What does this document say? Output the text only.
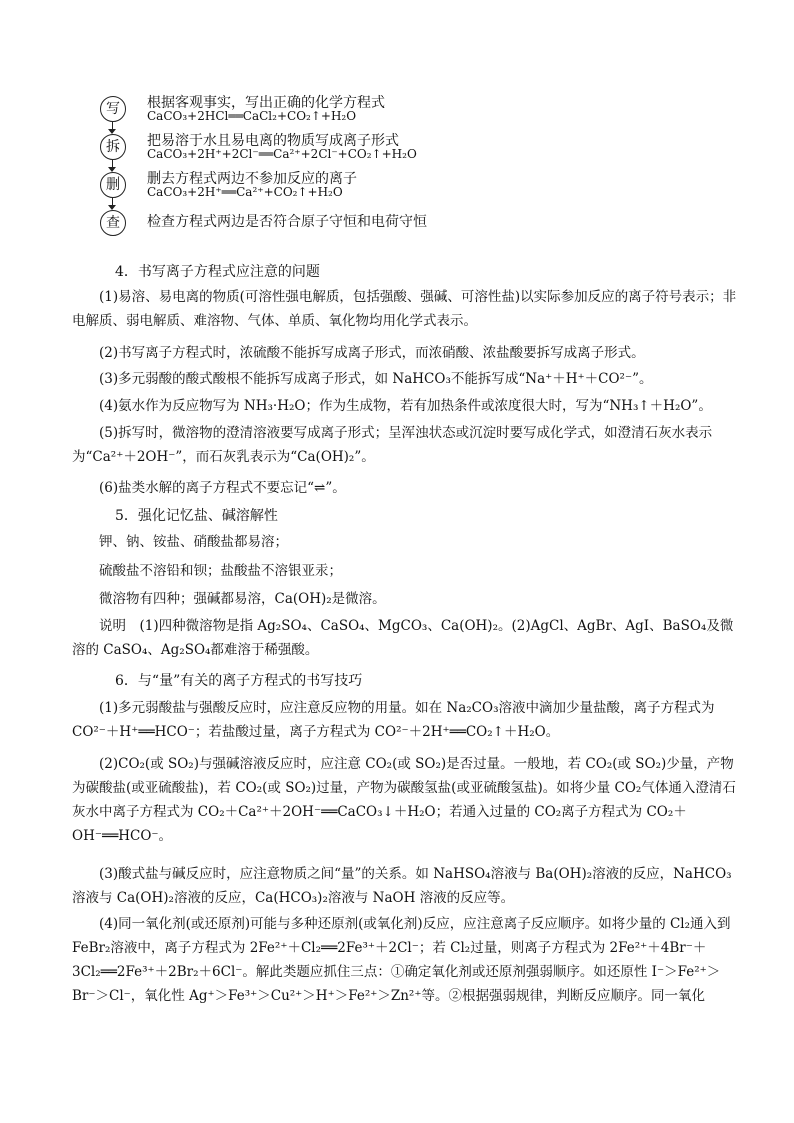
写	根据客观事实，写出正确的化学方程式
CaCO₃+2HCl══CaCl₂+CO₂↑+H₂O
拆	把易溶于水且易电离的物质写成离子形式
CaCO₃+2H⁺+2Cl⁻══Ca²⁺+2Cl⁻+CO₂↑+H₂O
删	删去方程式两边不参加反应的离子
CaCO₃+2H⁺══Ca²⁺+CO₂↑+H₂O
查	检查方程式两边是否符合原子守恒和电荷守恒
4．书写离子方程式应注意的问题
(1)易溶、易电离的物质(可溶性强电解质，包括强酸、强碱、可溶性盐)以实际参加反应的离子符号表示；非电解质、弱电解质、难溶物、气体、单质、氧化物均用化学式表示。
(2)书写离子方程式时，浓硫酸不能拆写成离子形式，而浓硝酸、浓盐酸要拆写成离子形式。
(3)多元弱酸的酸式酸根不能拆写成离子形式，如 NaHCO₃不能拆写成“Na⁺＋H⁺＋CO²⁻”。
(4)氨水作为反应物写为 NH₃·H₂O；作为生成物，若有加热条件或浓度很大时，写为“NH₃↑＋H₂O”。
(5)拆写时，微溶物的澄清溶液要写成离子形式；呈浑浊状态或沉淀时要写成化学式，如澄清石灰水表示为“Ca²⁺＋2OH⁻”，而石灰乳表示为“Ca(OH)₂”。
(6)盐类水解的离子方程式不要忘记“⇌”。
5．强化记忆盐、碱溶解性
钾、钠、铵盐、硝酸盐都易溶；
硫酸盐不溶铅和钡；盐酸盐不溶银亚汞；
微溶物有四种；强碱都易溶，Ca(OH)₂是微溶。
说明　(1)四种微溶物是指 Ag₂SO₄、CaSO₄、MgCO₃、Ca(OH)₂。(2)AgCl、AgBr、AgI、BaSO₄及微溶的 CaSO₄、Ag₂SO₄都难溶于稀强酸。
6．与“量”有关的离子方程式的书写技巧
(1)多元弱酸盐与强酸反应时，应注意反应物的用量。如在 Na₂CO₃溶液中滴加少量盐酸，离子方程式为 CO²⁻＋H⁺══HCO⁻；若盐酸过量，离子方程式为 CO²⁻＋2H⁺══CO₂↑＋H₂O。
(2)CO₂(或 SO₂)与强碱溶液反应时，应注意 CO₂(或 SO₂)是否过量。一般地，若 CO₂(或 SO₂)少量，产物为碳酸盐(或亚硫酸盐)，若 CO₂(或 SO₂)过量，产物为碳酸氢盐(或亚硫酸氢盐)。如将少量 CO₂气体通入澄清石灰水中离子方程式为 CO₂＋Ca²⁺＋2OH⁻══CaCO₃↓＋H₂O；若通入过量的 CO₂离子方程式为 CO₂＋OH⁻══HCO⁻。
(3)酸式盐与碱反应时，应注意物质之间“量”的关系。如 NaHSO₄溶液与 Ba(OH)₂溶液的反应，NaHCO₃溶液与 Ca(OH)₂溶液的反应，Ca(HCO₃)₂溶液与 NaOH 溶液的反应等。
(4)同一氧化剂(或还原剂)可能与多种还原剂(或氧化剂)反应，应注意离子反应顺序。如将少量的 Cl₂通入到 FeBr₂溶液中，离子方程式为 2Fe²⁺＋Cl₂══2Fe³⁺＋2Cl⁻；若 Cl₂过量，则离子方程式为 2Fe²⁺＋4Br⁻＋3Cl₂══2Fe³⁺＋2Br₂＋6Cl⁻。解此类题应抓住三点：①确定氧化剂或还原剂强弱顺序。如还原性 I⁻＞Fe²⁺＞Br⁻＞Cl⁻，氧化性 Ag⁺＞Fe³⁺＞Cu²⁺＞H⁺＞Fe²⁺＞Zn²⁺等。②根据强弱规律，判断反应顺序。同一氧化
